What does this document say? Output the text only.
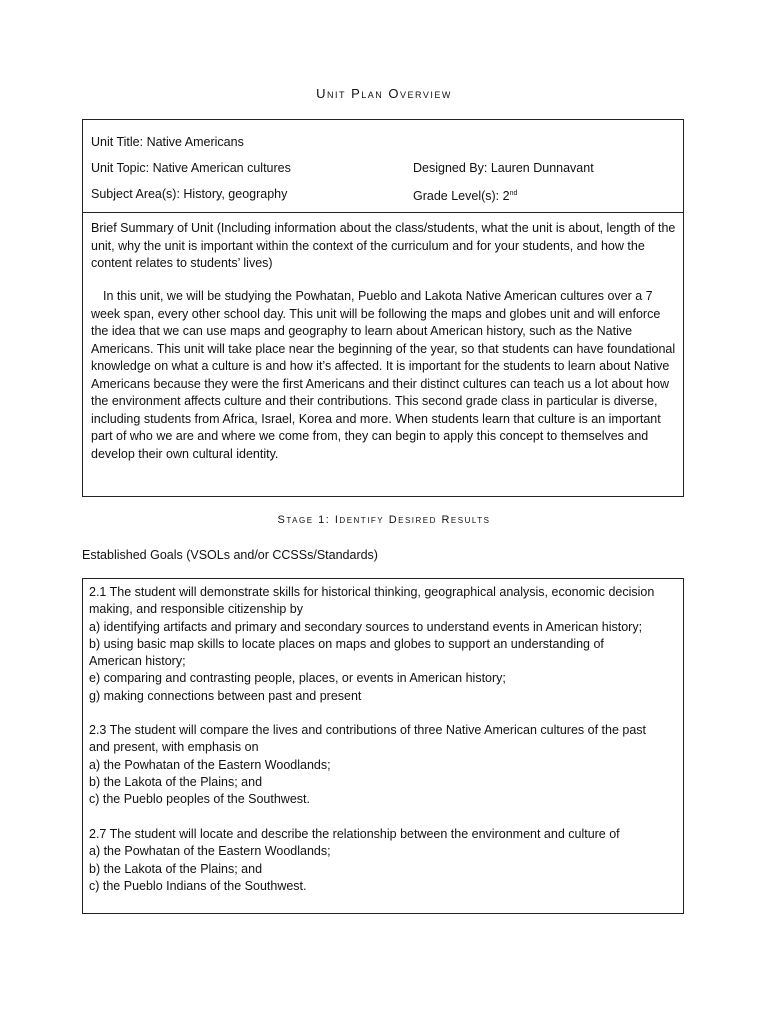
Unit Plan Overview
Unit Title: Native Americans
Unit Topic: Native American cultures	Designed By: Lauren Dunnavant
Subject Area(s): History, geography	Grade Level(s): 2nd
Brief Summary of Unit (Including information about the class/students, what the unit is about, length of the unit, why the unit is important within the context of the curriculum and for your students, and how the content relates to students’ lives)
In this unit, we will be studying the Powhatan, Pueblo and Lakota Native American cultures over a 7 week span, every other school day. This unit will be following the maps and globes unit and will enforce the idea that we can use maps and geography to learn about American history, such as the Native Americans. This unit will take place near the beginning of the year, so that students can have foundational knowledge on what a culture is and how it’s affected. It is important for the students to learn about Native Americans because they were the first Americans and their distinct cultures can teach us a lot about how the environment affects culture and their contributions. This second grade class in particular is diverse, including students from Africa, Israel, Korea and more. When students learn that culture is an important part of who we are and where we come from, they can begin to apply this concept to themselves and develop their own cultural identity.
Stage 1: Identify Desired Results
Established Goals (VSOLs and/or CCSSs/Standards)
2.1 The student will demonstrate skills for historical thinking, geographical analysis, economic decision
making, and responsible citizenship by
a) identifying artifacts and primary and secondary sources to understand events in American history;
b) using basic map skills to locate places on maps and globes to support an understanding of
American history;
e) comparing and contrasting people, places, or events in American history;
g) making connections between past and present
2.3 The student will compare the lives and contributions of three Native American cultures of the past
and present, with emphasis on
a) the Powhatan of the Eastern Woodlands;
b) the Lakota of the Plains; and
c) the Pueblo peoples of the Southwest.
2.7 The student will locate and describe the relationship between the environment and culture of
a) the Powhatan of the Eastern Woodlands;
b) the Lakota of the Plains; and
c) the Pueblo Indians of the Southwest.
